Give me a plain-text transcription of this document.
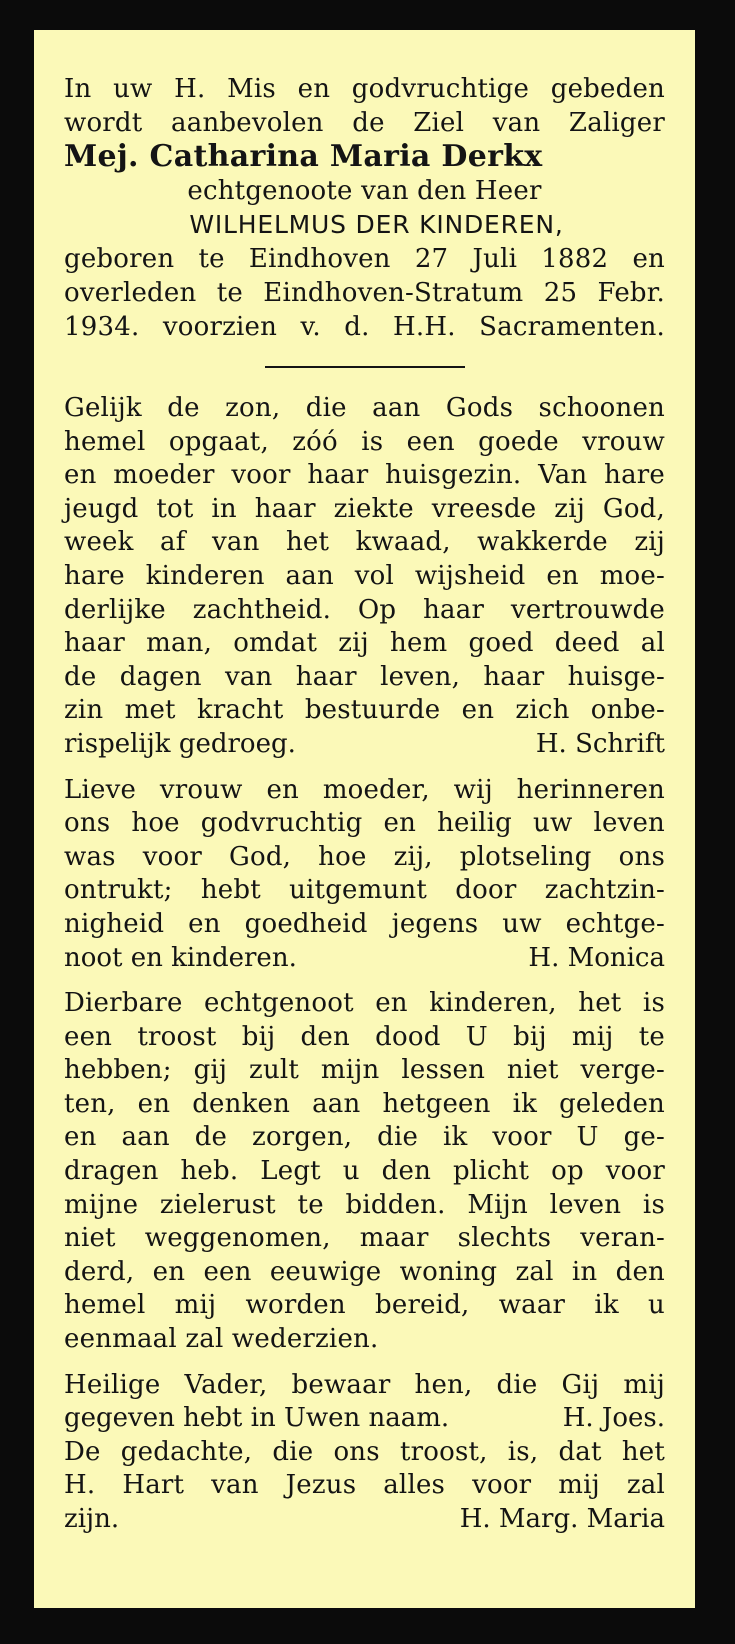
In uw H. Mis en godvruchtige gebeden
wordt aanbevolen de Ziel van Zaliger
Mej. Catharina Maria Derkx
echtgenoote van den Heer
WILHELMUS DER KINDEREN,
geboren te Eindhoven 27 Juli 1882 en
overleden te Eindhoven-Stratum 25 Febr.
1934. voorzien v. d. H.H. Sacramenten.
Gelijk de zon, die aan Gods schoonen
hemel opgaat, zóó is een goede vrouw
en moeder voor haar huisgezin. Van hare
jeugd tot in haar ziekte vreesde zij God,
week af van het kwaad, wakkerde zij
hare kinderen aan vol wijsheid en moe-
derlijke zachtheid. Op haar vertrouwde
haar man, omdat zij hem goed deed al
de dagen van haar leven, haar huisge-
zin met kracht bestuurde en zich onbe-
rispelijk gedroeg.	H. Schrift
Lieve vrouw en moeder, wij herinneren
ons hoe godvruchtig en heilig uw leven
was voor God, hoe zij, plotseling ons
ontrukt; hebt uitgemunt door zachtzin-
nigheid en goedheid jegens uw echtge-
noot en kinderen.	H. Monica
Dierbare echtgenoot en kinderen, het is
een troost bij den dood U bij mij te
hebben; gij zult mijn lessen niet verge-
ten, en denken aan hetgeen ik geleden
en aan de zorgen, die ik voor U ge-
dragen heb. Legt u den plicht op voor
mijne zielerust te bidden. Mijn leven is
niet weggenomen, maar slechts veran-
derd, en een eeuwige woning zal in den
hemel mij worden bereid, waar ik u
eenmaal zal wederzien.
Heilige Vader, bewaar hen, die Gij mij
gegeven hebt in Uwen naam.	H. Joes.
De gedachte, die ons troost, is, dat het
H. Hart van Jezus alles voor mij zal
zijn.	H. Marg. Maria
